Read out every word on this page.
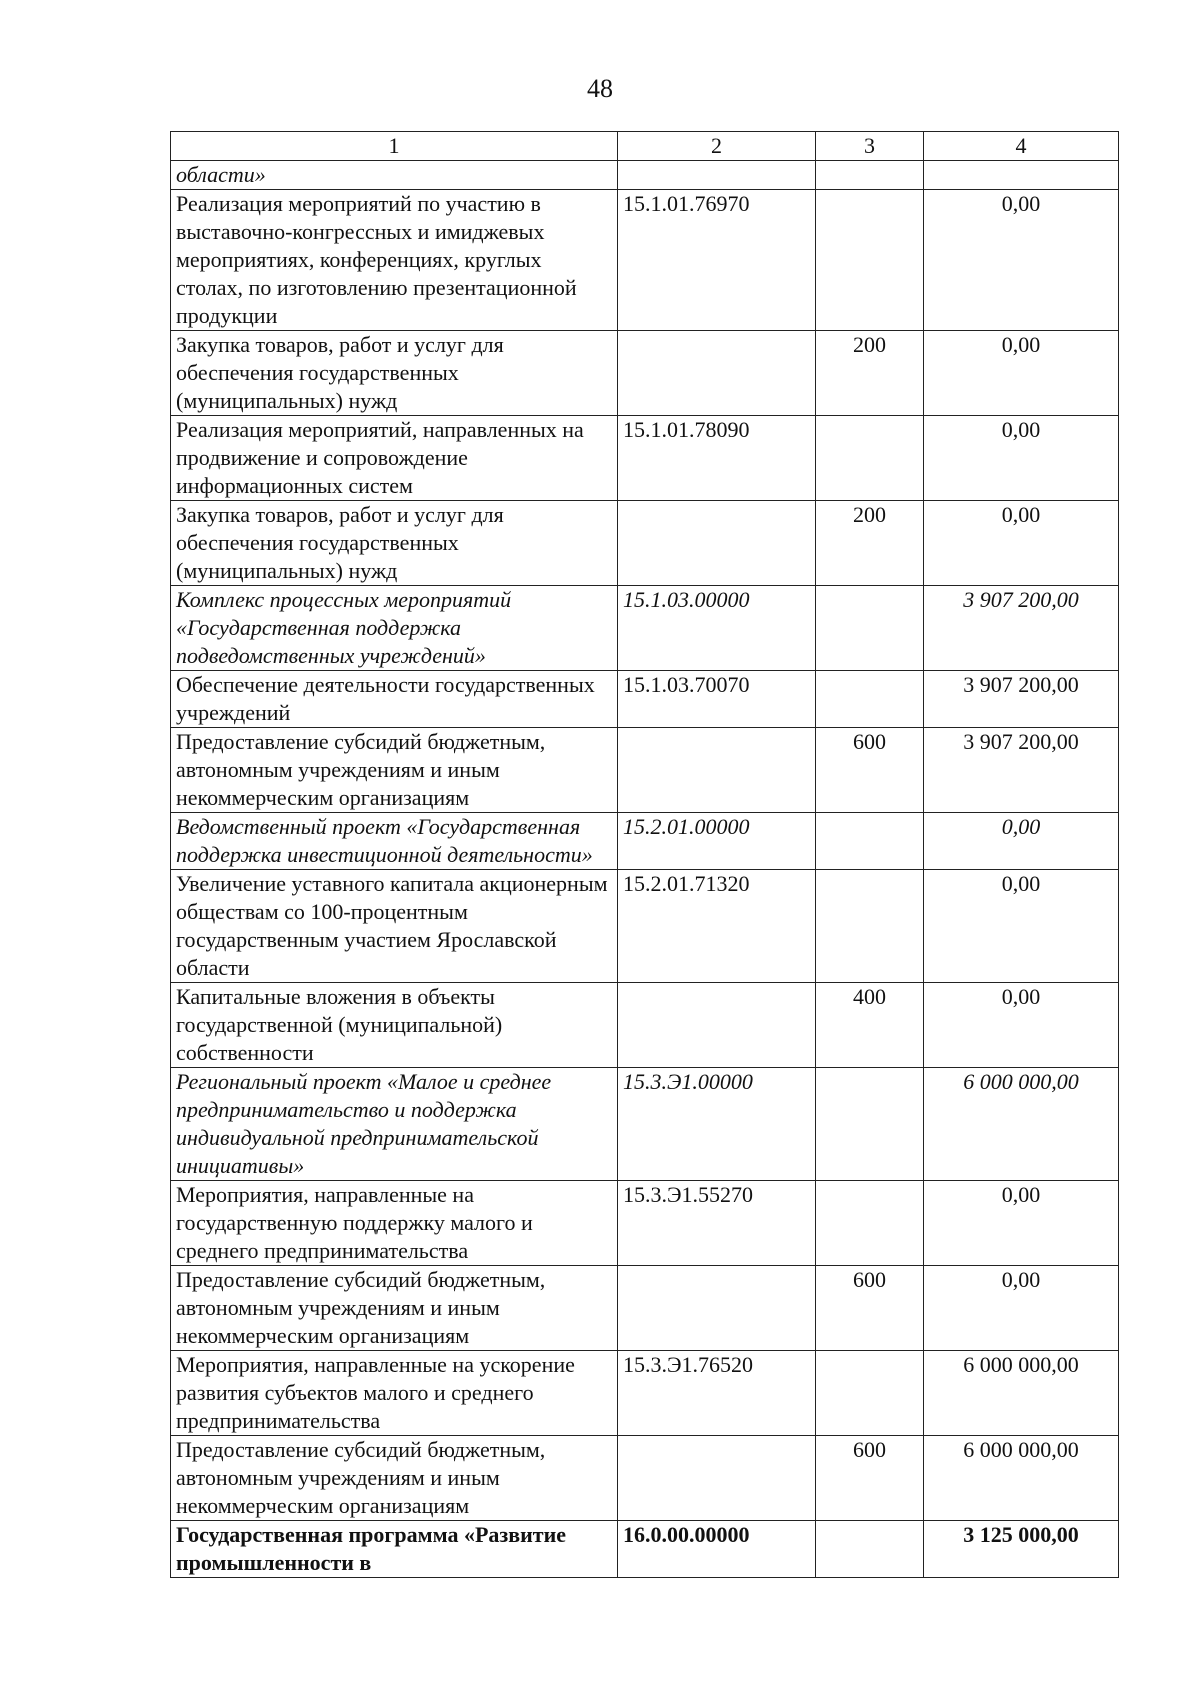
48
1	2	3	4
области»			
Реализация мероприятий по участию в выставочно-конгрессных и имиджевых мероприятиях, конференциях, круглых столах, по изготовлению презентационной продукции	15.1.01.76970		0,00
Закупка товаров, работ и услуг для обеспечения государственных (муниципальных) нужд		200	0,00
Реализация мероприятий, направленных на продвижение и сопровождение информационных систем	15.1.01.78090		0,00
Закупка товаров, работ и услуг для обеспечения государственных (муниципальных) нужд		200	0,00
Комплекс процессных мероприятий «Государственная поддержка подведомственных учреждений»	15.1.03.00000		3 907 200,00
Обеспечение деятельности государственных учреждений	15.1.03.70070		3 907 200,00
Предоставление субсидий бюджетным, автономным учреждениям и иным некоммерческим организациям		600	3 907 200,00
Ведомственный проект «Государственная поддержка инвестиционной деятельности»	15.2.01.00000		0,00
Увеличение уставного капитала акционерным обществам со 100-процентным государственным участием Ярославской области	15.2.01.71320		0,00
Капитальные вложения в объекты государственной (муниципальной) собственности		400	0,00
Региональный проект «Малое и среднее предпринимательство и поддержка индивидуальной предпринимательской инициативы»	15.3.Э1.00000		6 000 000,00
Мероприятия, направленные на государственную поддержку малого и среднего предпринимательства	15.3.Э1.55270		0,00
Предоставление субсидий бюджетным, автономным учреждениям и иным некоммерческим организациям		600	0,00
Мероприятия, направленные на ускорение развития субъектов малого и среднего предпринимательства	15.3.Э1.76520		6 000 000,00
Предоставление субсидий бюджетным, автономным учреждениям и иным некоммерческим организациям		600	6 000 000,00
Государственная программа «Развитие промышленности в	16.0.00.00000		3 125 000,00
